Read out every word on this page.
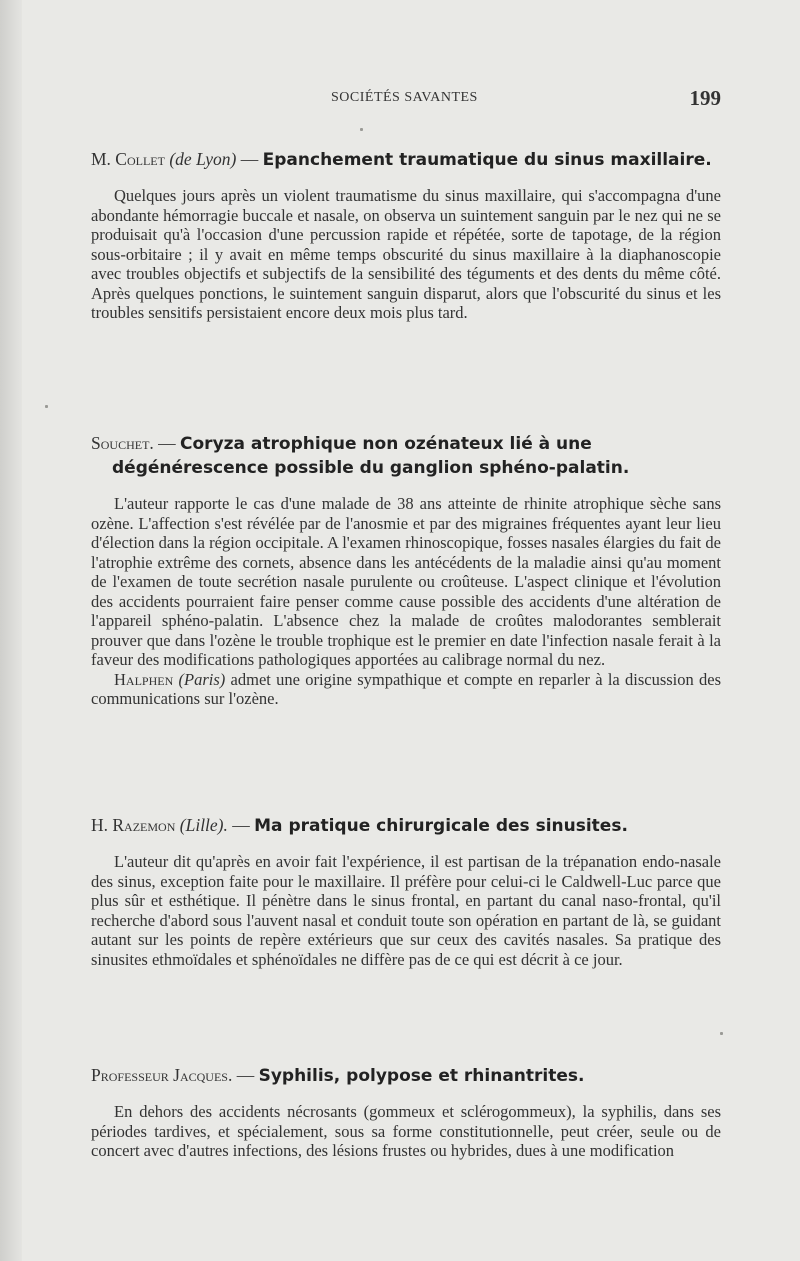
SOCIÉTÉS SAVANTES	199

M. Collet (de Lyon) — Epanchement traumatique du sinus maxillaire.

Quelques jours après un violent traumatisme du sinus maxillaire, qui s'accompagna d'une abondante hémorragie buccale et nasale, on observa un suintement sanguin par le nez qui ne se produisait qu'à l'occasion d'une percussion rapide et répétée, sorte de tapotage, de la région sous-orbitaire ; il y avait en même temps obscurité du sinus maxillaire à la diaphanoscopie avec troubles objectifs et subjectifs de la sensibilité des téguments et des dents du même côté. Après quelques ponctions, le suintement sanguin disparut, alors que l'obscurité du sinus et les troubles sensitifs persistaient encore deux mois plus tard.

Souchet. — Coryza atrophique non ozénateux lié à une dégénérescence possible du ganglion sphéno-palatin.

L'auteur rapporte le cas d'une malade de 38 ans atteinte de rhinite atrophique sèche sans ozène. L'affection s'est révélée par de l'anosmie et par des migraines fréquentes ayant leur lieu d'élection dans la région occipitale. A l'examen rhinoscopique, fosses nasales élargies du fait de l'atrophie extrême des cornets, absence dans les antécédents de la maladie ainsi qu'au moment de l'examen de toute secrétion nasale purulente ou croûteuse. L'aspect clinique et l'évolution des accidents pourraient faire penser comme cause possible des accidents d'une altération de l'appareil sphéno-palatin. L'absence chez la malade de croûtes malodorantes semblerait prouver que dans l'ozène le trouble trophique est le premier en date l'infection nasale ferait à la faveur des modifications pathologiques apportées au calibrage normal du nez.

Halphen (Paris) admet une origine sympathique et compte en reparler à la discussion des communications sur l'ozène.

H. Razemon (Lille). — Ma pratique chirurgicale des sinusites.

L'auteur dit qu'après en avoir fait l'expérience, il est partisan de la trépanation endo-nasale des sinus, exception faite pour le maxillaire. Il préfère pour celui-ci le Caldwell-Luc parce que plus sûr et esthétique. Il pénètre dans le sinus frontal, en partant du canal naso-frontal, qu'il recherche d'abord sous l'auvent nasal et conduit toute son opération en partant de là, se guidant autant sur les points de repère extérieurs que sur ceux des cavités nasales. Sa pratique des sinusites ethmoïdales et sphénoïdales ne diffère pas de ce qui est décrit à ce jour.

Professeur Jacques. — Syphilis, polypose et rhinantrites.

En dehors des accidents nécrosants (gommeux et sclérogommeux), la syphilis, dans ses périodes tardives, et spécialement, sous sa forme constitutionnelle, peut créer, seule ou de concert avec d'autres infections, des lésions frustes ou hybrides, dues à une modification
